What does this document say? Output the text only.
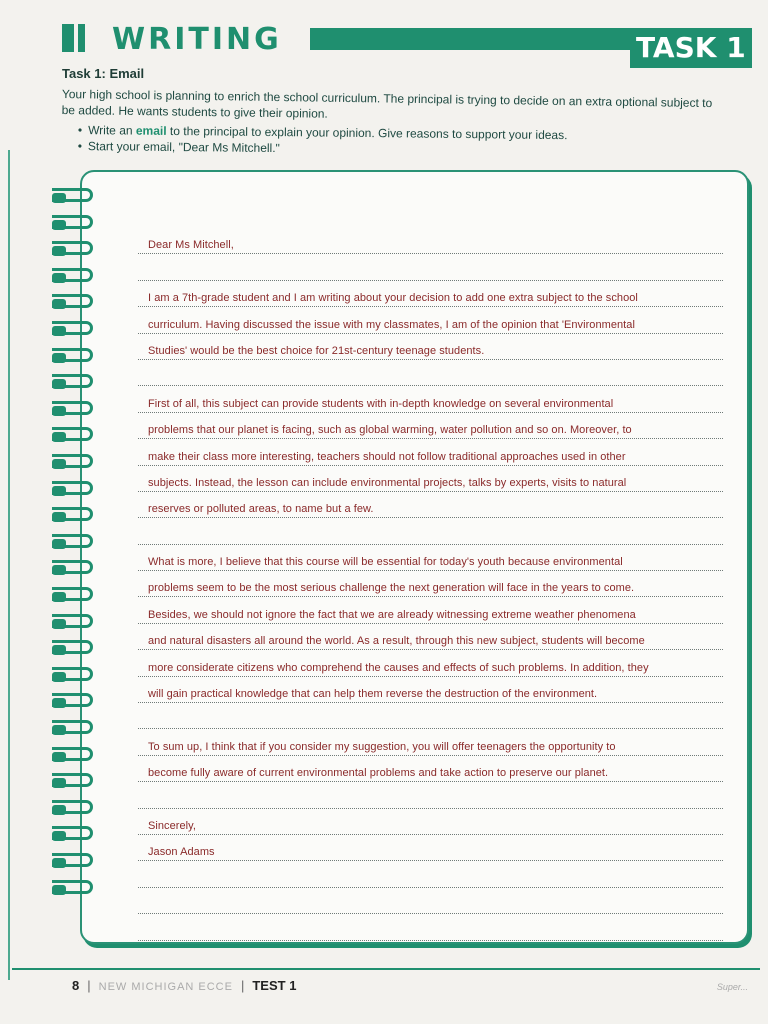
WRITING	TASK 1
Task 1: Email
Your high school is planning to enrich the school curriculum. The principal is trying to decide on an extra optional subject to be added. He wants students to give their opinion.
• Write an email to the principal to explain your opinion. Give reasons to support your ideas.
• Start your email, "Dear Ms Mitchell."
Dear Ms Mitchell,
I am a 7th-grade student and I am writing about your decision to add one extra subject to the school
curriculum. Having discussed the issue with my classmates, I am of the opinion that 'Environmental
Studies' would be the best choice for 21st-century teenage students.
First of all, this subject can provide students with in-depth knowledge on several environmental
problems that our planet is facing, such as global warming, water pollution and so on. Moreover, to
make their class more interesting, teachers should not follow traditional approaches used in other
subjects. Instead, the lesson can include environmental projects, talks by experts, visits to natural
reserves or polluted areas, to name but a few.
What is more, I believe that this course will be essential for today's youth because environmental
problems seem to be the most serious challenge the next generation will face in the years to come.
Besides, we should not ignore the fact that we are already witnessing extreme weather phenomena
and natural disasters all around the world. As a result, through this new subject, students will become
more considerate citizens who comprehend the causes and effects of such problems. In addition, they
will gain practical knowledge that can help them reverse the destruction of the environment.
To sum up, I think that if you consider my suggestion, you will offer teenagers the opportunity to
become fully aware of current environmental problems and take action to preserve our planet.
Sincerely,
Jason Adams
8 | NEW MICHIGAN ECCE | TEST 1	Super...
